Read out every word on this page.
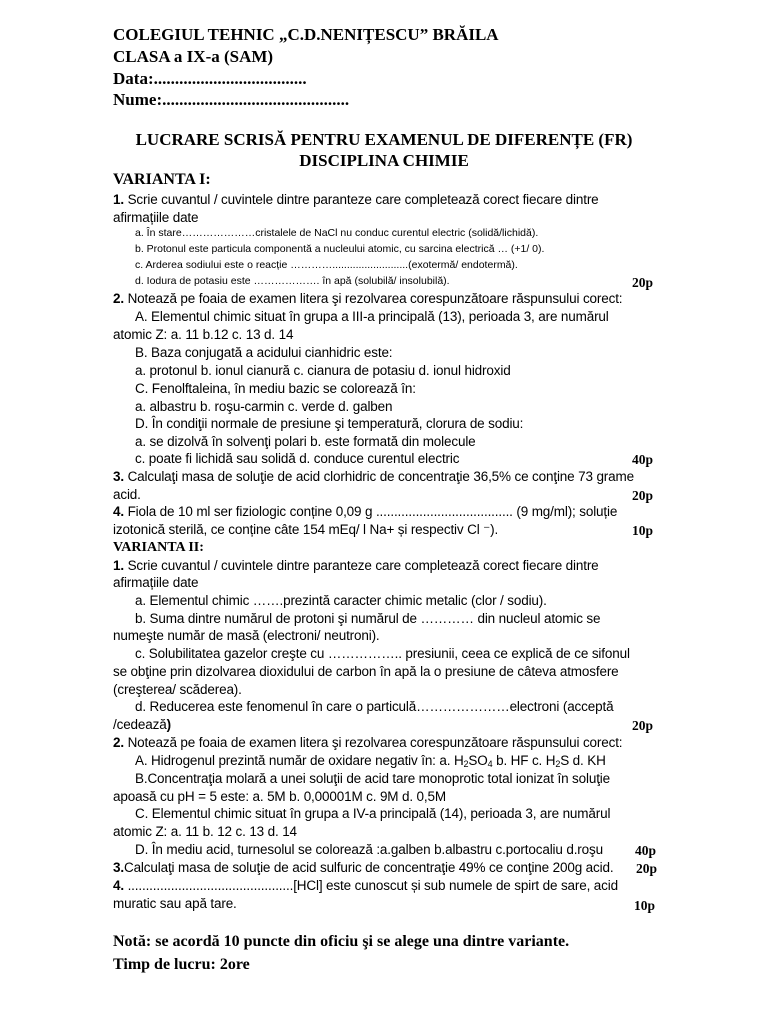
COLEGIUL TEHNIC „C.D.NENIȚESCU” BRĂILA
CLASA a IX-a (SAM)
Data:....................................
Nume:............................................
LUCRARE SCRISĂ PENTRU EXAMENUL DE DIFERENȚE (FR)
DISCIPLINA CHIMIE
VARIANTA I:
1. Scrie cuvantul / cuvintele dintre paranteze care completează corect fiecare dintre
afirmațiile date
a. În stare…………………cristalele de NaCl nu conduc curentul electric (solidă/lichidă).
b. Protonul este particula componentă a nucleului atomic, cu sarcina electrică … (+1/ 0).
c. Arderea sodiului este o reacție …………..........................(exotermă/ endotermă).
d. Iodura de potasiu este ………………. în apă (solubilă/ insolubilă).	20p
2. Notează pe foaia de examen litera şi rezolvarea corespunzătoare răspunsului corect:
A. Elementul chimic situat în grupa a III-a principală (13), perioada 3, are numărul
atomic Z: a. 11 b.12 c. 13 d. 14
B. Baza conjugată a acidului cianhidric este:
a. protonul b. ionul cianură c. cianura de potasiu d. ionul hidroxid
C. Fenolftaleina, în mediu bazic se colorează în:
a. albastru b. roşu-carmin c. verde d. galben
D. În condiţii normale de presiune şi temperatură, clorura de sodiu:
a. se dizolvă în solvenţi polari b. este formată din molecule
c. poate fi lichidă sau solidă d. conduce curentul electric	40p
3. Calculaţi masa de soluţie de acid clorhidric de concentraţie 36,5% ce conţine 73 grame
acid.	20p
4. Fiola de 10 ml ser fiziologic conține 0,09 g ...................................... (9 mg/ml); soluție
izotonică sterilă, ce conține câte 154 mEq/ l Na+ și respectiv Cl ⁻).	10p
VARIANTA II:
1. Scrie cuvantul / cuvintele dintre paranteze care completează corect fiecare dintre
afirmațiile date
a. Elementul chimic …….prezintă caracter chimic metalic (clor / sodiu).
b. Suma dintre numărul de protoni şi numărul de ………… din nucleul atomic se
numeşte număr de masă (electroni/ neutroni).
c. Solubilitatea gazelor creşte cu …………….. presiunii, ceea ce explică de ce sifonul
se obţine prin dizolvarea dioxidului de carbon în apă la o presiune de câteva atmosfere
(creşterea/ scăderea).
d. Reducerea este fenomenul în care o particulă…………………electroni (acceptă
/cedează)	20p
2. Notează pe foaia de examen litera şi rezolvarea corespunzătoare răspunsului corect:
A. Hidrogenul prezintă număr de oxidare negativ în: a. $H_2SO_4$ b. HF c. $H_2S$ d. KH
B.Concentraţia molară a unei soluţii de acid tare monoprotic total ionizat în soluţie
apoasă cu pH = 5 este: a. 5M b. 0,00001M c. 9M d. 0,5M
C. Elementul chimic situat în grupa a IV-a principală (14), perioada 3, are numărul
atomic Z: a. 11 b. 12 c. 13 d. 14
D. În mediu acid, turnesolul se colorează :a.galben b.albastru c.portocaliu d.roşu	40p
3.Calculaţi masa de soluţie de acid sulfuric de concentraţie 49% ce conţine 200g acid.	20p
4. ..............................................[HCl] este cunoscut și sub numele de spirt de sare, acid
muratic sau apă tare.	10p
Notă: se acordă 10 puncte din oficiu şi se alege una dintre variante.
Timp de lucru: 2ore
